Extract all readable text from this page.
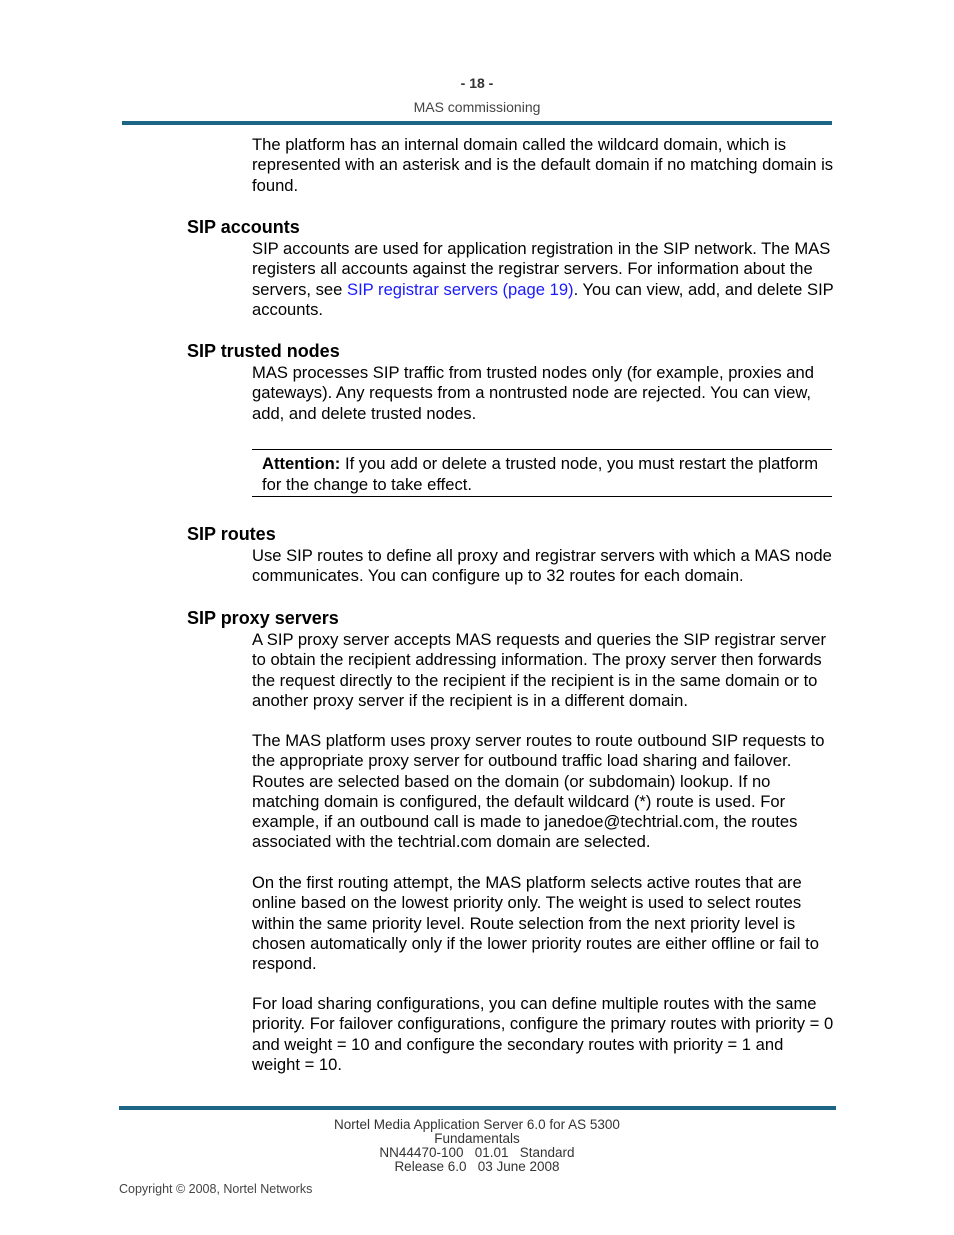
- 18 -
MAS commissioning
The platform has an internal domain called the wildcard domain, which is represented with an asterisk and is the default domain if no matching domain is found.
SIP accounts
SIP accounts are used for application registration in the SIP network. The MAS registers all accounts against the registrar servers. For information about the servers, see SIP registrar servers (page 19). You can view, add, and delete SIP accounts.
SIP trusted nodes
MAS processes SIP traffic from trusted nodes only (for example, proxies and gateways). Any requests from a nontrusted node are rejected. You can view, add, and delete trusted nodes.
Attention: If you add or delete a trusted node, you must restart the platform for the change to take effect.
SIP routes
Use SIP routes to define all proxy and registrar servers with which a MAS node communicates. You can configure up to 32 routes for each domain.
SIP proxy servers
A SIP proxy server accepts MAS requests and queries the SIP registrar server to obtain the recipient addressing information. The proxy server then forwards the request directly to the recipient if the recipient is in the same domain or to another proxy server if the recipient is in a different domain.
The MAS platform uses proxy server routes to route outbound SIP requests to the appropriate proxy server for outbound traffic load sharing and failover. Routes are selected based on the domain (or subdomain) lookup. If no matching domain is configured, the default wildcard (*) route is used. For example, if an outbound call is made to janedoe@techtrial.com, the routes associated with the techtrial.com domain are selected.
On the first routing attempt, the MAS platform selects active routes that are online based on the lowest priority only. The weight is used to select routes within the same priority level. Route selection from the next priority level is chosen automatically only if the lower priority routes are either offline or fail to respond.
For load sharing configurations, you can define multiple routes with the same priority. For failover configurations, configure the primary routes with priority = 0 and weight = 10 and configure the secondary routes with priority = 1 and weight = 10.
Nortel Media Application Server 6.0 for AS 5300
Fundamentals
NN44470-100   01.01   Standard
Release 6.0   03 June 2008
Copyright © 2008, Nortel Networks
